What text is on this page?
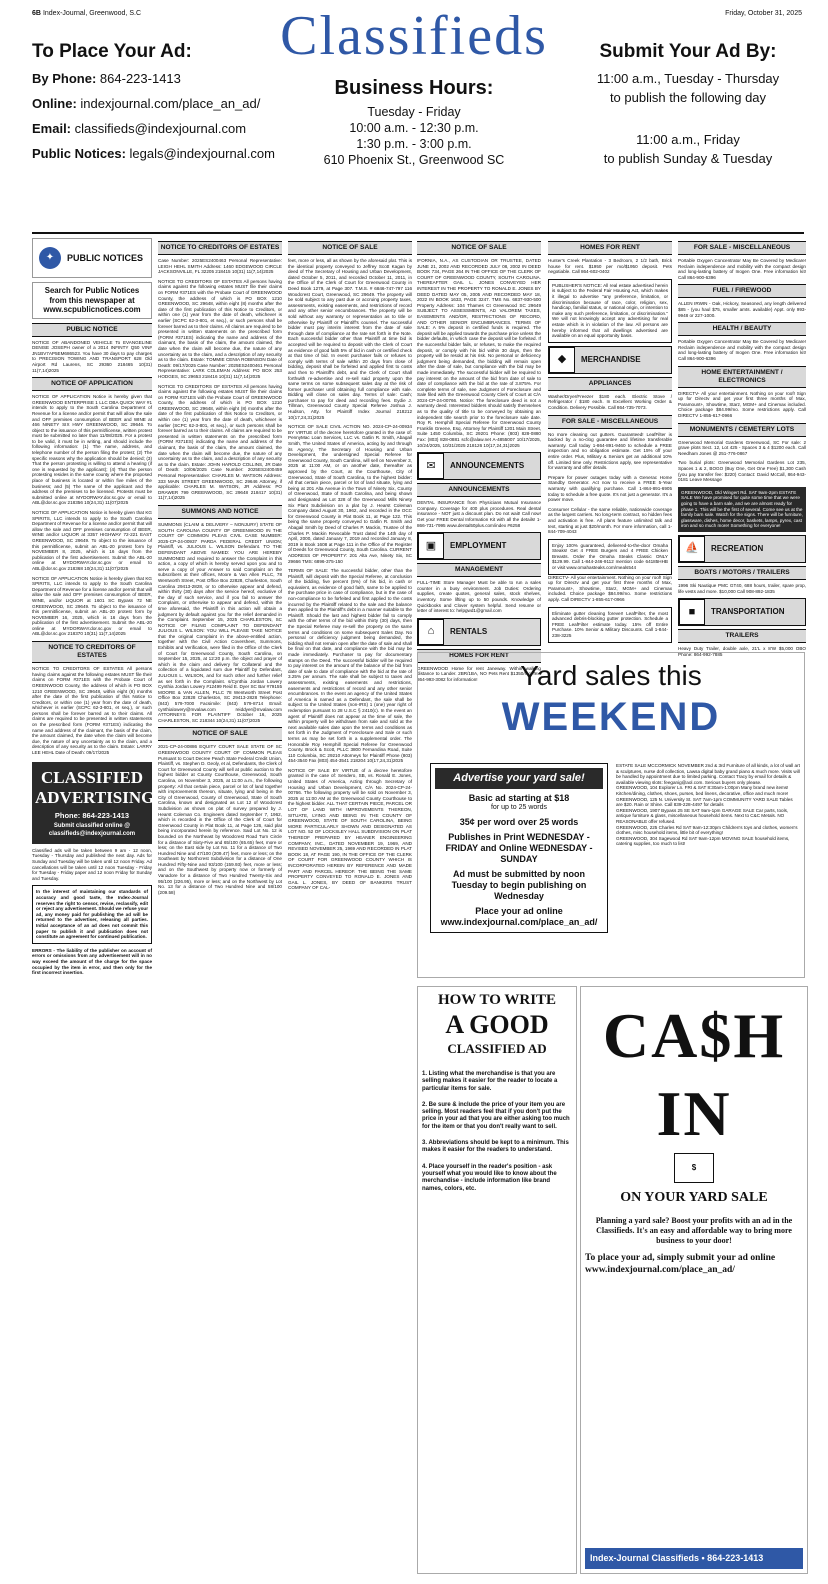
6B Index-Journal, Greenwood, S.C	Classifieds	Friday, October 31, 2025
To Place Your Ad:

By Phone: 864-223-1413

Online: indexjournal.com/place_an_ad/

Email: classifieds@indexjournal.com

Public Notices: legals@indexjournal.com

Business Hours:
Tuesday - Friday
10:00 a.m. - 12:30 p.m.
1:30 p.m. - 3:00 p.m.
610 Phoenix St., Greenwood SC
Submit Your Ad By:

11:00 a.m., Tuesday - Thursday

to publish the following day

11:00 a.m., Friday

to publish Sunday & Tuesday

✦	PUBLIC NOTICES
Search for Public Notices from this newspaper at www.scpublicnotices.com
PUBLIC NOTICE
NOTICE OF ABANDONED VEHICLE To EVANGELINE DENISE JOSEPH owner of a 2014 INFINTY Q50 VIN# JN1BV7AP5EM686523. You have 30 days to pay charges to PRECISION TOWING AND TRANSPORT 628 Old Airport Rd Laurens, SC 29360 218465 10(31) 11(7,14)2025
NOTICE OF APPLICATION
NOTICE OF APPLICATION Notice is hereby given that GREENWOOD ENTERPRISE 1 LLC DBA QUICK WAY #1 intends to apply to the South Carolina Department of Revenue for a license and/or permit that will allow the sale and OFF premises consumption of BEER and WINE at 466 NINETY SIX HWY GREENWOOD, SC 29646. To object to the issuance of this permit/license, written protest must be submitted no later than 11/08/2025. For a protest to be valid, it must be in writing, and should include the following information: (1) The name, address, and telephone number of the person filing the protest; (2) The specific reasons why the application should be denied; (3) That the person protesting is willing to attend a hearing (if one is requested by the applicant); (4) That the person protesting resides in the same county where the proposed place of business is located or within five miles of the business; and (5) The name of the applicant and the address of the premises to be licensed. Protests must be submitted online at MYDORWAY.dor.sc.gov or email to ABL@dor.sc.gov 218356 10(24,31) 11(07)2025
NOTICE OF APPLICATION Notice is hereby given that KG SPIRITS, LLC intends to apply to the South Carolina Department of Revenue for a license and/or permit that will allow the sale and OFF premises consumption of BEER, WINE and/or LIQUOR at 3357 HIGHWAY 72-221 EAST GREENWOOD, SC 29649. To object to the issuance of this permit/license, submit an ABL-20 protest form by NOVEMBER 8, 2025, which is 16 days from the publication of the first advertisement. Submit the ABL-20 online at MYDORWAY.dor.sc.gov or email to ABL@dor.sc.gov 218368 10(24,31) 11(07)2025
NOTICE OF APPLICATION Notice is hereby given that KG SPIRITS, LLC intends to apply to the South Carolina Department of Revenue for a license and/or permit that will allow the sale and OFF premises consumption of BEER, WINE, and/or LIQUOR at 1601 SC Bypass 72 NE GREENWOOD, SC 29649. To object to the issuance of this permit/license, submit an ABL-20 protest form by NOVEMBER 16, 2025, which is 16 days from the publication of the first advertisement. Submit the ABL-20 online at MYDORWAY.dor.sc.gov or email to ABL@dor.sc.gov 218370 10(31) 11(7,14)2025
NOTICE TO CREDITORS OF ESTATES
NOTICE TO CREDITORS OF ESTATES All persons having claims against the following estates MUST file their claims on FORM #371ES with the Probate Court of GREENWOOD County, the address of which is PO BOX 1210 GREENWOOD, SC 29648, within eight (8) months after the date of the first publication of this Notice to Creditors, or within one (1) year from the date of death, whichever is earlier (SCPC 62-3-801, et seq.), or such persons shall be forever barred as to their claims. All claims are required to be presented in written statements on the prescribed form (FORM #371ES) indicating the name and address of the claimant, the basis of the claim, the amount claimed, the date when the claim will become due, the nature of any uncertainty as to the claim, and a description of any security as to the claim. Estate: LARRY LEE HEHL Date of Death: 09/17/2025
CLASSIFIED ADVERTISING
Phone: 864-223-1413
Submit classified online @ classifieds@indexjournal.com
Classified ads will be taken between 9 am - 12 noon, Tuesday - Thursday and published the next day. Ads for Sunday and Tuesday will be taken until 12 noon Friday. Ad cancellations will be taken until 12 noon Tuesday - Friday for Tuesday - Friday paper and 12 noon Friday for Sunday and Tuesday.
In the interest of maintaining our standards of accuracy and good taste, the Index-Journal reserves the right to censor, revise, reclassify, edit or reject any advertisement. Should we refuse your ad, any money paid for publishing the ad will be returned to the advertiser, releasing all parties. Initial acceptance of an ad does not commit this paper to publish it and publication does not constitute an agreement for continued publication.
ERRORS - The liability of the publisher on account of errors or omissions from any advertisement will in no way exceed the amount of the charge for the space occupied by the item in error, and then only for the first incorrect insertion.
NOTICE TO CREDITORS OF ESTATES
Case Number: 2025ES2400463 Personal Representative: LEIGH HEHL SMITH Address: 1460 EDGEWOOD CIRCLE JACKSONVILLE, FL 32205 218415 10(31) 11(7,14)2025
NOTICE TO CREDITORS OF ESTATES All persons having claims against the following estates MUST file their claims on FORM #371ES with the Probate Court of GREENWOOD County, the address of which is PO BOX 1210 GREENWOOD, SC 29648, within eight (8) months after the date of the first publication of this Notice to Creditors, or within one (1) year from the date of death, whichever is earlier (SCPC 62-3-801, et seq.), or such persons shall be forever barred as to their claims. All claims are required to be presented in written statements on the prescribed form (FORM #371ES) indicating the name and address of the claimant, the basis of the claim, the amount claimed, the date when the claim will become due, the nature of any uncertainty as to the claim, and a description of any security as to the claim. Estate: TOMMIE CENIA ROBINSON Date of Death: 09/17/2025 Case Number: 2025ES2400461 Personal Representative: LARK COLEMAN Address: PO BOX 253 HODGES, SC 29653 218416 10(31) 11(7,14)2025
NOTICE TO CREDITORS OF ESTATES All persons having claims against the following estates MUST file their claims on FORM #371ES with the Probate Court of GREENWOOD County, the address of which is PO BOX 1210 GREENWOOD, SC 29648, within eight (8) months after the date of the first publication of this Notice to Creditors, or within one (1) year from the date of death, whichever is earlier (SCPC 62-3-801, et seq.), or such persons shall be forever barred as to their claims. All claims are required to be presented in written statements on the prescribed form (FORM #371ES) indicating the name and address of the claimant, the basis of the claim, the amount claimed, the date when the claim will become due, the nature of any uncertainty as to the claim, and a description of any security as to the claim. Estate: JOHN HAROLD COLLINS, JR Date of Death: 10/06/2025 Case Number: 2025ES2400459 Personal Representative: CHARLES M. WATSON Address: 333 MAIN STREET GREENWOOD, SC 29646 Attorney, if applicable: CHARLES M. WATSON, JR Address: PO DRAWER 799 GREENWOOD, SC 29648 218417 10(31) 11(7,14)2025
SUMMONS AND NOTICE
SUMMONS (CLAIM & DELIVERY – NONJURY) STATE OF SOUTH CAROLINA COUNTY OF GREENWOOD IN THE COURT OF COMMON PLEAS CIVIL CASE NUMBER: 2025-CP-24-00937 PARDA FEDERAL CREDIT UNION; Plaintiff, vs. JULIOUS L. WILSON Defendant. TO THE DEFENDANT ABOVE NAMED: YOU ARE HEREBY SUMMONED and required to answer the Complaint in this action, a copy of which is hereby served upon you and to serve a copy of your Answer to said Complaint on the subscribers at their offices, Moore & Van Allen PLLC, 78 Wentworth Street, Post Office Box 22828, Charleston, South Carolina 29413-2828, or to otherwise appear and defend, within thirty (30) days after the service hereof, exclusive of the day of such service, and if you fail to answer the Complaint, or otherwise to appear and defend, within the time aforesaid, the Plaintiff in this action will obtain a judgment by default against you for the relief demanded in the Complaint. September 15, 2025 CHARLESTON, SC NOTICE OF FILING COMPLAINT TO DEFENDANT JULIOUS L. WILSON: YOU WILL PLEASE TAKE NOTICE that the original Complaint in the above-entitled action, together with the Civil Action Coversheet, Summons, Exhibits and Verification, were filed in the Office of the Clerk of Court for Greenwood County, South Carolina, on September 15, 2025, at 12:20 p.m. the object and prayer of which is the claim and delivery for Collateral and the collection of a liquidated sum due Plaintiff by Defendant, JULIOUS L. WILSON, and for such other and further relief as set forth in the Complaint. s/Cynthia Jordan Lowery Cynthia Jordan Lowery #12499 Reid E. Dyer SC Bar #79155 MOORE & VAN ALLEN, PLLC 78 Wentworth Street Post Office Box 22828 Charleston, SC 29413-2828 Telephone: (843) 579-7000 Facsimile: (843) 579-8714 Email: cynthialowery@mvalaw.com reiddyer@mvalaw.com ATTORNEYS FOR PLAINTIFF October 16, 2025 CHARLESTON, SC 218344 10(24,31) 11(07)2025
NOTICE OF SALE
2021-CP-24-00886 EQUITY COURT SALE STATE OF SC GREENWOOD COUNTY COURT OF COMMON PLEAS Pursuant to Court Decree Peach State Federal Credit Union, Plaintiff, vs. Stephen D. Geoly, et al, Defendants, the Clerk of Court for Greenwood County will sell at public auction to the highest bidder at County Courthouse, Greenwood, South Carolina, on November 3, 2025, at 11:00 a.m., the following property: All that certain piece, parcel or lot of land together with improvements thereon, situate, lying and being in the City of Greenwood, County of Greenwood, State of South Carolina, known and designated as Lot 12 of Woodcrest Subdivision as shown on plat of survey prepared by J. Hearst Coleman Co. Engineers dated September 7, 1962, which is recorded in the Office of the Clerk of Court for Greenwood County in Plat Book 11, at Page 126, said plat being incorporated herein by reference. Said Lot No. 12 is bounded on the Northeast by Woodcrest Road Turn Circle for a distance of Sixty-Five and 65/100 (65.65) feet, more or less; on the East side by Lot No. 11 for a distance of Two Hundred Nine and 47/100 (209.47) feet, more or less; on the Southeast by Northcrest Subdivision for a distance of One Hundred Fifty-Nine and 93/100 (159.93) feet, more or less; and on the Southwest by property now or formerly of Vanadore for a distance of Two Hundred Twenty-Six and 95/100 (226.95), more or less; and on the Northwest by Lot No. 13 for a distance of Two Hundred Nine and 58/100 (209.58)
NOTICE OF SALE
feet, more or less, all as shown by the aforesaid plat. This is the identical property conveyed to Jeffrey Scott Kagan by deed of The Secretary of Housing and Urban Development, dated October 5, 2011, and recorded October 11, 2011, in the Office of the Clerk of Court for Greenwood County in Deed Book 1279, at Page 307. T.M.S. # 6846-747-797 116 Woodcrest Court, Greenwood, SC 29649. The property will be sold subject to any past due or accruing property taxes, assessments, existing easements, and restrictions of record and any other senior encumbrances. The property will be sold without any warranty or representation as to title or otherwise by Plaintiff or Plaintiff's counsel. The successful bidder must pay interim interest from the date of sale through date of compliance at the rate set forth in the Note. Each successful bidder other than Plaintiff at time bid is accepted will be required to deposit with the Clerk of Court as evidence of good faith 5% of bid in cash or certified check at that time of bid. In event purchaser fails or refuses to comply with terms of sale within 20 days from close of bidding, deposit shall be forfeited and applied first to costs and then to Plaintiff's debt, and the Clerk of Court shall forthwith re-advertise and re-sell said property upon the same terms on some subsequent sales day at the risk of former purchaser until obtaining full compliance with sale. Bidding will close on sales day. Terms of sale: Cash; purchaser to pay for deed and recording fees. Eydie J. Tillman, Greenwood County Special Referee Joshua J. Hudson, Atty. for Plaintiff Index Journal 218212 10(17,24,31)2025
NOTICE OF SALE CIVIL ACTION NO. 2024-CP-24-00934 BY VIRTUE of the decree heretofore granted in the case of: PennyMac Loan Services, LLC vs. Gatlin R. Smith, Abagail Smith, The United States of America, acting by and through its Agency, The Secretary of Housing and Urban Development, the undersigned Special Referee for Greenwood County, South Carolina, will sell on November 3, 2025 at 11:00 AM, or on another date, thereafter as approved by the Court, at the Courthouse, City of Greenwood, State of South Carolina, to the highest bidder: All that certain piece, parcel or lot of land situate, lying and being at 201 Alta Avenue in the Town of Ninety Six, County of Greenwood, State of South Carolina, and being shown and designated as Lot 328 of the Greenwood Mills Ninety Six Plant Subdivision on a plat by J. Hearst Coleman Company dated August 30, 1962, and recorded in the OCC for Greenwood County in Plat Book 11, at Page 122. This being the same property conveyed to Gatlin R. Smith and Abagail Smith by Deed of Charles P. Mackin, Trustee of the Charles P. Mackin Revocable Trust dated the 14th day of April, 2000, dated January 7, 2019 and recorded January 8, 2019 in Book 1608 at Page 111 in the Office of the Register of Deeds for Greenwood County, South Carolina. CURRENT ADDRESS OF PROPERTY: 201 Alta Ave, Ninety Six, SC 29666 TMS: 6896-375-150
TERMS OF SALE: The successful bidder, other than the Plaintiff, will deposit with the Special Referee, at conclusion of the bidding, five percent (5%) of his bid, in cash or equivalent, as evidence of good faith, same to be applied to the purchase price in case of compliance, but in the case of non-compliance to be forfeited and first applied to the costs incurred by the Plaintiff related to the sale and the balance then applied to the Plaintiff's debt in a manner suitable to the Plaintiff. Should the last and highest bidder fail to comply with the other terms of the bid within thirty (30) days, then the Special Referee may re-sell the property on the same terms and conditions on some subsequent Sales Day. No personal or deficiency judgment being demanded, the bidding shall not remain open after the date of sale and shall be final on that date, and compliance with the bid may be made immediately. Purchaser to pay for documentary stamps on the Deed. The successful bidder will be required to pay interest on the amount of the balance of the bid from date of sale to date of compliance with the bid at the rate of 3.25% per annum. The sale shall be subject to taxes and assessments, existing easements and restrictions, easements and restrictions of record and any other senior encumbrances. In the event an agency of the United States of America is named as a Defendant, the sale shall be subject to the United States (non-IRS) 1 (one) year right of redemption pursuant to 28 U.S.C § 2410(c). In the event an agent of Plaintiff does not appear at the time of sale, the within property will be withdrawn from sale and sold at the next available sales date upon the terms and conditions as set forth in the Judgment of Foreclosure and Sale or such terms as may be set forth in a supplemental order. The Honorable Roy Hemphill Special Referee for Greenwood County. Brock & Scott, PLLC 3800 Fernandina Road, Suite 110 Columbia, SC 29210 Attorneys for Plaintiff Phone (803) 454-3540 Fax (803) 454-3541 218204 10(17,24,31)2025
NOTICE OF SALE BY VIRTUE of a decree heretofore granted in the case of: Sendero, SB, vs. Ronald E. Jones, United States of America, Acting through Secretary of Housing and Urban Development, C/A No. 2024-CP-24-00766. The following property will be sold on November 3, 2025 at 11:00 AM at the Greenwood County Courthouse to the highest bidder. ALL THAT CERTAIN PIECE, PARCEL OR LOT OF LAND WITH IMPROVEMENTS THEREON, SITUATE, LYING AND BEING IN THE COUNTY OF GREENWOOD, STATE OF SOUTH CAROLINA, BEING MORE PARTICULARLY SHOWN AND DESIGNATED AS LOT NO. 52 OF LOCKSLEY HALL SUBDIVISION ON PLAT THEREOF PREPARED BY HEANER ENGINEERING COMPANY, INC., DATED NOVEMBER 19, 1969, AND REVISED NOVEMBER 25, 1969 AND RECORDED IN PLAT BOOK 18, AT PAGE 190, IN THE OFFICE OF THE CLERK OF COURT FOR GREENWOOD COUNTY WHICH IS INCORPORATED HEREIN BY REFERENCE AND MADE PART AND PARCEL HEREOF. THE BEING THE SAME PROPERTY CONVEYED TO RONALD E. JONES AND GAIL L. JONES, BY DEED OF BANKERS TRUST COMPANY OF CAL-
NOTICE OF SALE
IFORNIA, N.A., AS CUSTODIAN OR TRUSTEE, DATED JUNE 21, 2002 AND RECORDED JULY 08, 2002 IN DEED BOOK 734, PAGE 264 IN THE OFFICE OF THE CLERK OF COURT OF GREENWOOD COUNTY, SOUTH CAROLINA. THEREAFTER GAIL L. JONES CONVEYED HER INTEREST IN THE PROPERTY TO RONALD E. JONES BY DEED DATED MAY 05, 2005 AND RECORDED MAY 18, 2022 IN BOOK 1633, PAGE 3247. TMS No. 6837-930-500 Property Address: 104 Thames Ct Greenwood SC 29649 SUBJECT TO ASSESSMENTS, AD VALOREM TAXES, EASEMENTS AND/OR, RESTRICTIONS OF RECORD, AND OTHER SENIOR ENCUMBRANCES. TERMS OF SALE: A 5% deposit in certified funds is required. The deposit will be applied towards the purchase price unless the bidder defaults, in which case the deposit will be forfeited. If the successful bidder fails, or refuses, to make the required deposit, or comply with his bid within 30 days, then the property will be resold at his risk. No personal or deficiency judgment being demanded, the bidding will remain open after the date of sale, but compliance with the bid may be made immediately. The successful bidder will be required to pay interest on the amount of the bid from date of sale to date of compliance with the bid at the rate of 3.875%. For complete terms of sale, see Judgment of Foreclosure and Sale filed with the Greenwood County Clerk of Court at C/A 2024-CP-24-00766. Notice: The foreclosure deed is not a warranty deed. Interested bidders should satisfy themselves as to the quality of title to be conveyed by obtaining an independent title search prior to the foreclosure sale date. Roy R. Hemphill Special Referee for Greenwood County Franklin Greene, Esq. Attorney for Plaintiff 1201 Main Street, Suite 1450 Columbia, SC 29201 Phone: (803) 828-0880 Fax: (803) 828-0881 scfc@alaw.net A-4855007 10/17/2025, 10/24/2025, 10/31/2025 218126 10(17,24,31)2025
✉	ANNOUNCEMENTS
ANNOUNCEMENTS
DENTAL INSURANCE from Physicians Mutual Insurance Company. Coverage for 400 plus procedures. Real dental insurance - NOT just a discount plan. Do not wait! Call now! Get your FREE Dental Information Kit with all the details! 1-866-731-7995 www.dental50plus.com/index #6258
▣	EMPLOYMENT
MANAGEMENT
FULL-TIME Store Manager Must be able to run a sales counter in a busy environment. Job Duties: Ordering supplies, create quotes, general sales, stock shelves, inventory. Some lifting up to 50 pounds. Knowledge of Quickbooks and Clover system helpful. Send resume or letter of interest to: helpgwd1@gmail.com
⌂	RENTALS
HOMES FOR RENT
GREENWOOD Home for rent Janeway. Within walking distance to Lander. 2BR/1BA, NO Pets Rent $1350/mo Text 864-993-3082 for information!
HOMES FOR RENT
Hunter's Creek Plantation - 3 Bedroom, 2 1/2 bath, Brick house for rent. $1950 per mo/$1950 deposit. Pets negotiable. Call 864-602-0402
PUBLISHER'S NOTICE: All real estate advertised herein is subject to the Federal Fair Housing Act, which makes it illegal to advertise "any preference, limitation, or discrimination because of race, color, religion, sex, handicap, familial status, or national origin, or intention to make any such preference, limitation, or discrimination." We will not knowingly accept any advertising for real estate which is in violation of the law. All persons are hereby informed that all dwellings advertised are available on an equal opportunity basis.
◆	MERCHANDISE
APPLIANCES
Washer/Dryer/Freezer $180 each. Electric Stove / Refrigerator / $180 each. In Excellent Working Order & Condition. Delivery Possible. Call 864-735-7073.
FOR SALE - MISCELLANEOUS
No more cleaning out gutters. Guaranteed! LeafFilter is backed by a no-clog guarantee and lifetime transferable warranty. Call today 1-864-891-9460 to schedule a FREE inspection and no obligation estimate. Get 15% off your entire order. Plus, Military & Seniors get an additional 10% off. Limited time only. Restrictions apply, see representative for warranty and offer details.
Prepare for power outages today with a Generac Home Standby Generator. Act now to receive a FREE 5-Year warranty with qualifying purchase. Call 1-864-891-6905 today to schedule a free quote. It's not just a generator. It's a power move.
Consumer Cellular - the same reliable, nationwide coverage as the largest carriers. No long-term contract, no hidden fees and activation is free. All plans feature unlimited talk and text, starting at just $20/month. For more information, call 1-844-709-4043
Enjoy 100% guaranteed, delivered-to-the-door Omaha Steaks! Get 4 FREE Burgers and 4 FREE Chicken Breasts. Order the Omaha Steaks Classic ONLY $129.99. Call 1-844-246-9112 mention code 64185HHB or visit www.omahasteaks.com/meals544
DIRECTV- All your entertainment. Nothing on your roof! Sign up for Directv and get your first three months of Max, Paramount+, Showtime, Starz, MGM+ and Cinemax included. Choice package $84.99/mo. Some restrictions apply. Call DIRECTV 1-855-617-0966
Eliminate gutter cleaning forever! LeafFilter, the most advanced debris-blocking gutter protection. Schedule a FREE LeafFilter estimate today. 15% off Entire Purchase. 10% Senior & Military Discounts. Call 1-844-238-3225
FOR SALE - MISCELLANEOUS
Portable Oxygen Concentrator May Be Covered by Medicare! Reclaim independence and mobility with the compact design and long-lasting battery of Inogen One. Free information kit! Call 864-900-6396
FUEL / FIREWOOD
ALLEN IRWIN - Oak, Hickory, Seasoned, any length delivered $85 - (you haul $75, smaller amts. available) Appt. only 993-9948 or 227-1000.
HEALTH / BEAUTY
Portable Oxygen Concentrator May Be Covered by Medicare! Reclaim independence and mobility with the compact design and long-lasting battery of Inogen One. Free information kit! Call 864-900-6396
HOME ENTERTAINMENT / ELECTRONICS
DIRECTV- All your entertainment. Nothing on your roof! Sign up for Directv and get your first three months of Max, Paramount+, Showtime, Starz, MGM+ and Cinemax included. Choice package $84.99/mo. Some restrictions apply. Call DIRECTV 1-855-617-0966
MONUMENTS / CEMETERY LOTS
Greenwood Memorial Gardens Greenwood, SC For sale: 2 grave plots Sect. 12, Lot 425 - Spaces 3 & 4 $1200 each. Call Needham Jones @ 251-776-0867
Two burial plots: Greenwood Memorial Gardens Lot 235, Spaces 1 & 2, BOGO (Buy One, Get One Free) $1,300 Cash (you pay transfer fee: $220) Contact: David McCall, 864-943-0181 Leave Message
GREENWOOD, Old Wingert Rd. SAT 9am-2pm ESTATE SALE We have promised for quite some time that we were going to have a barn sale, and we are almost ready for phase 1. This will be the first of several. Come see us at the family barn sale. Watch for the signs. There will be furniture, glassware, dishes, home decor, baskets, lamps, pyrex, cast iron and so much more! Something for everyone!
⛵	RECREATION
BOATS / MOTORS / TRAILERS
1996 Ski Nautique PMC GT40, 688 hours, trailer, spare prop, life vests and more. $10,000 Call 908-892-1835
■	TRANSPORTATION
TRAILERS
Heavy Duty Trailer, double axle, 21'L x 8'W $5,000 OBO Phone: 864-992-7885
Yard sales this
WEEKEND
Advertise your yard sale!
Basic ad starting at $18
for up to 25 words
35¢ per word over 25 words
Publishes in Print WEDNESDAY - FRIDAY and Online WEDNESDAY - SUNDAY
Ad must be submitted by noon Tuesday to begin publishing on Wednesday
Place your ad online www.indexjournal.com/place_an_ad/
ESTATE SALE MCCORMICK NOVEMBER 2nd & 3rd Furniture of all kinds, a lot of wall art & sculptures, nurse doll collection, Lawsa digital baby grand piano & much more. Visits will be handled by appointment due to limited parking. Contact Tracy by email for details & available viewing slots: feeganig@aol.com. Serious buyers only please.
GREENWOOD, 104 Explorer Ln. FRI & SAT 8:30am-1:00pm Many brand new items! Kitchen/dining, clothes, shoes, purses, bed linens, decorative, office and much more!
GREENWOOD, 125 N. University St. SAT 7am-1pm COMMUNITY YARD SALE Tables are $20. Rain or Shine. Call 839-228-4497 for details
GREENWOOD, 1907 Bypass 25 SE SAT 9am-1pm GARAGE SALE Car parts, tools, antique furniture & glass, miscellaneous household items. Next to C&C Metals. NO REASONABLE offer refused.
GREENWOOD, 225 Charles Rd SAT 9am-12:30pm Children's toys and clothes, women's clothes, misc household items, little bit of everything!
GREENWOOD, 304 Sagewood Rd SAT 9am-12pm MOVING SALE household items, catering supplies, too much to list!
HOW TO WRITE
A GOOD
CLASSIFIED AD

1. Listing what the merchandise is that you are selling makes it easier for the reader to locate a particular items for sale.

2. Be sure & include the price of your item you are selling. Most readers feel that if you don't put the price in your ad that you are either asking too much for the item or that you don't really want to sell.

3. Abbreviations should be kept to a minimum. This makes it easier for the readers to understand.

4. Place yourself in the reader's position - ask yourself what you would like to know about the merchandise - include information like brand names, colors, etc.

CA$H IN
$
ON YOUR YARD SALE
Planning a yard sale? Boost your profits with an ad in the Classifieds. It's an easy and affordable way to bring more business to your door!
To place your ad, simply submit your ad online www.indexjournal.com/place_an_ad/
Index-Journal Classifieds • 864-223-1413
